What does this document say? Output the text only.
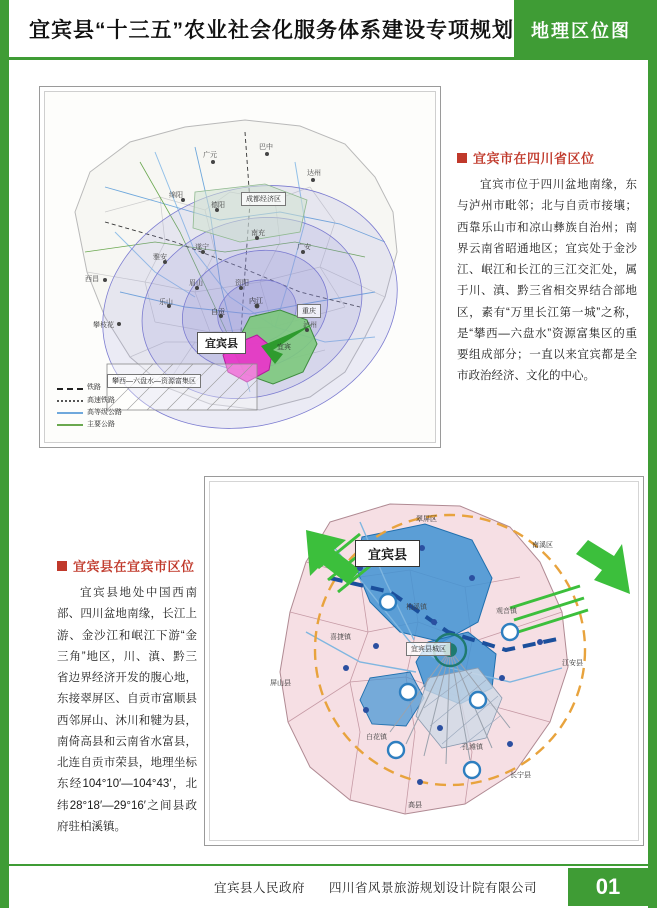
宜宾县“十三五”农业社会化服务体系建设专项规划 地理区位图
广元
巴中
达州
绵阳
德阳
遂宁
南充
广安
雅安
眉山	资阳
内江
自贡
乐山
泸州
宜宾
攀枝花
西昌
成都经济区
重庆
攀西—六盘水—资源富集区
宜宾县
铁路
高速铁路
高等级公路
主要公路
宜宾市在四川省区位
宜宾市位于四川盆地南缘，东与泸州市毗邻；北与自贡市接壤；西靠乐山市和凉山彝族自治州；南界云南省昭通地区；宜宾处于金沙江、岷江和长江的三江交汇处，属于川、滇、黔三省相交界结合部地区，素有“万里长江第一城”之称，是“攀西—六盘水”资源富集区的重要组成部分；一直以来宜宾都是全市政治经济、文化的中心。
宜宾县在宜宾市区位
宜宾县地处中国西南部、四川盆地南缘，长江上游、金沙江和岷江下游“金三角”地区，川、滇、黔三省边界经济开发的腹心地，东接翠屏区、自贡市富顺县西邻屏山、沐川和犍为县，南倚高县和云南省水富县，北连自贡市荣县，地理坐标东经104°10′—104°43′，北纬28°18′—29°16′之间县政府驻柏溪镇。
宜宾县
宜宾县城区
翠屏区
南溪区
江安县
长宁县
高县
屏山县
柏溪镇
观音镇
白花镇
孔滩镇
喜捷镇
宜宾县人民政府 四川省风景旅游规划设计院有限公司	01
